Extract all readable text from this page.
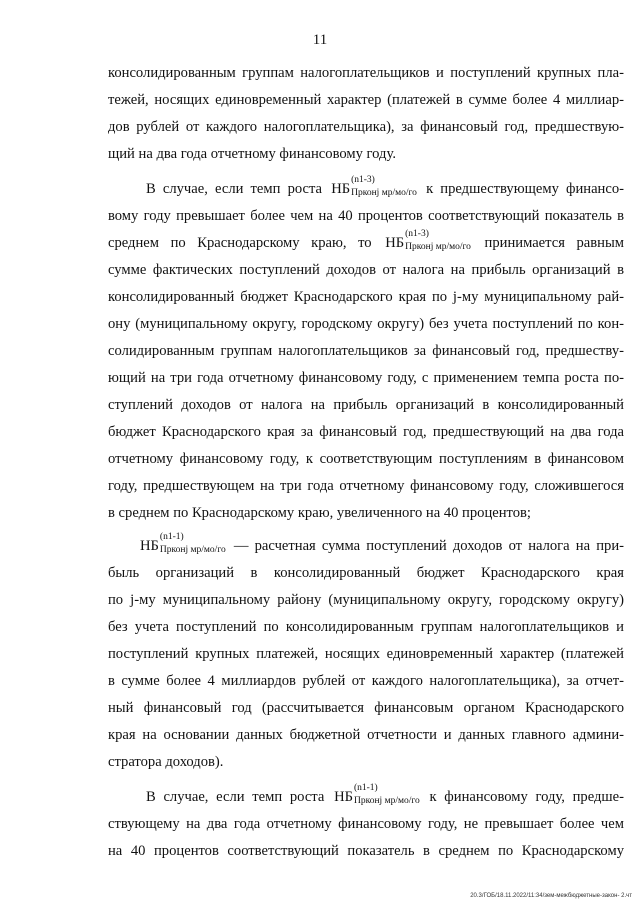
11
консолидированным группам налогоплательщиков и поступлений крупных пла-
тежей, носящих единовременный характер (платежей в сумме более 4 миллиар-
дов рублей от каждого налогоплательщика), за финансовый год, предшествую-
щий на два года отчетному финансовому году.
В случае, если темп роста НБ
(n1-3)
Прконj мр/мо/го к предшествующему финансо-
вому году превышает более чем на 40 процентов соответствующий показатель в
среднем по Краснодарскому краю, то НБ
(n1-3)
Прконj мр/мо/го принимается равным
сумме фактических поступлений доходов от налога на прибыль организаций в
консолидированный бюджет Краснодарского края по j-му муниципальному рай-
ону (муниципальному округу, городскому округу) без учета поступлений по кон-
солидированным группам налогоплательщиков за финансовый год, предшеству-
ющий на три года отчетному финансовому году, с применением темпа роста по-
ступлений доходов от налога на прибыль организаций в консолидированный
бюджет Краснодарского края за финансовый год, предшествующий на два года
отчетному финансовому году, к соответствующим поступлениям в финансовом
году, предшествующем на три года отчетному финансовому году, сложившегося
в среднем по Краснодарскому краю, увеличенного на 40 процентов;
НБ
(n1-1)
Прконj мр/мо/го — расчетная сумма поступлений доходов от налога на при-
быль организаций в консолидированный бюджет Краснодарского края
по j-му муниципальному району (муниципальному округу, городскому округу)
без учета поступлений по консолидированным группам налогоплательщиков и
поступлений крупных платежей, носящих единовременный характер (платежей
в сумме более 4 миллиардов рублей от каждого налогоплательщика), за отчет-
ный финансовый год (рассчитывается финансовым органом Краснодарского
края на основании данных бюджетной отчетности и данных главного админи-
стратора доходов).
В случае, если темп роста НБ
(n1-1)
Прконj мр/мо/го к финансовому году, предше-
ствующему на два года отчетному финансовому году, не превышает более чем
на 40 процентов соответствующий показатель в среднем по Краснодарскому
20.3/ГОБ/18.11.2022/11:34/зем-межбюджетные-закон- 2.чт
